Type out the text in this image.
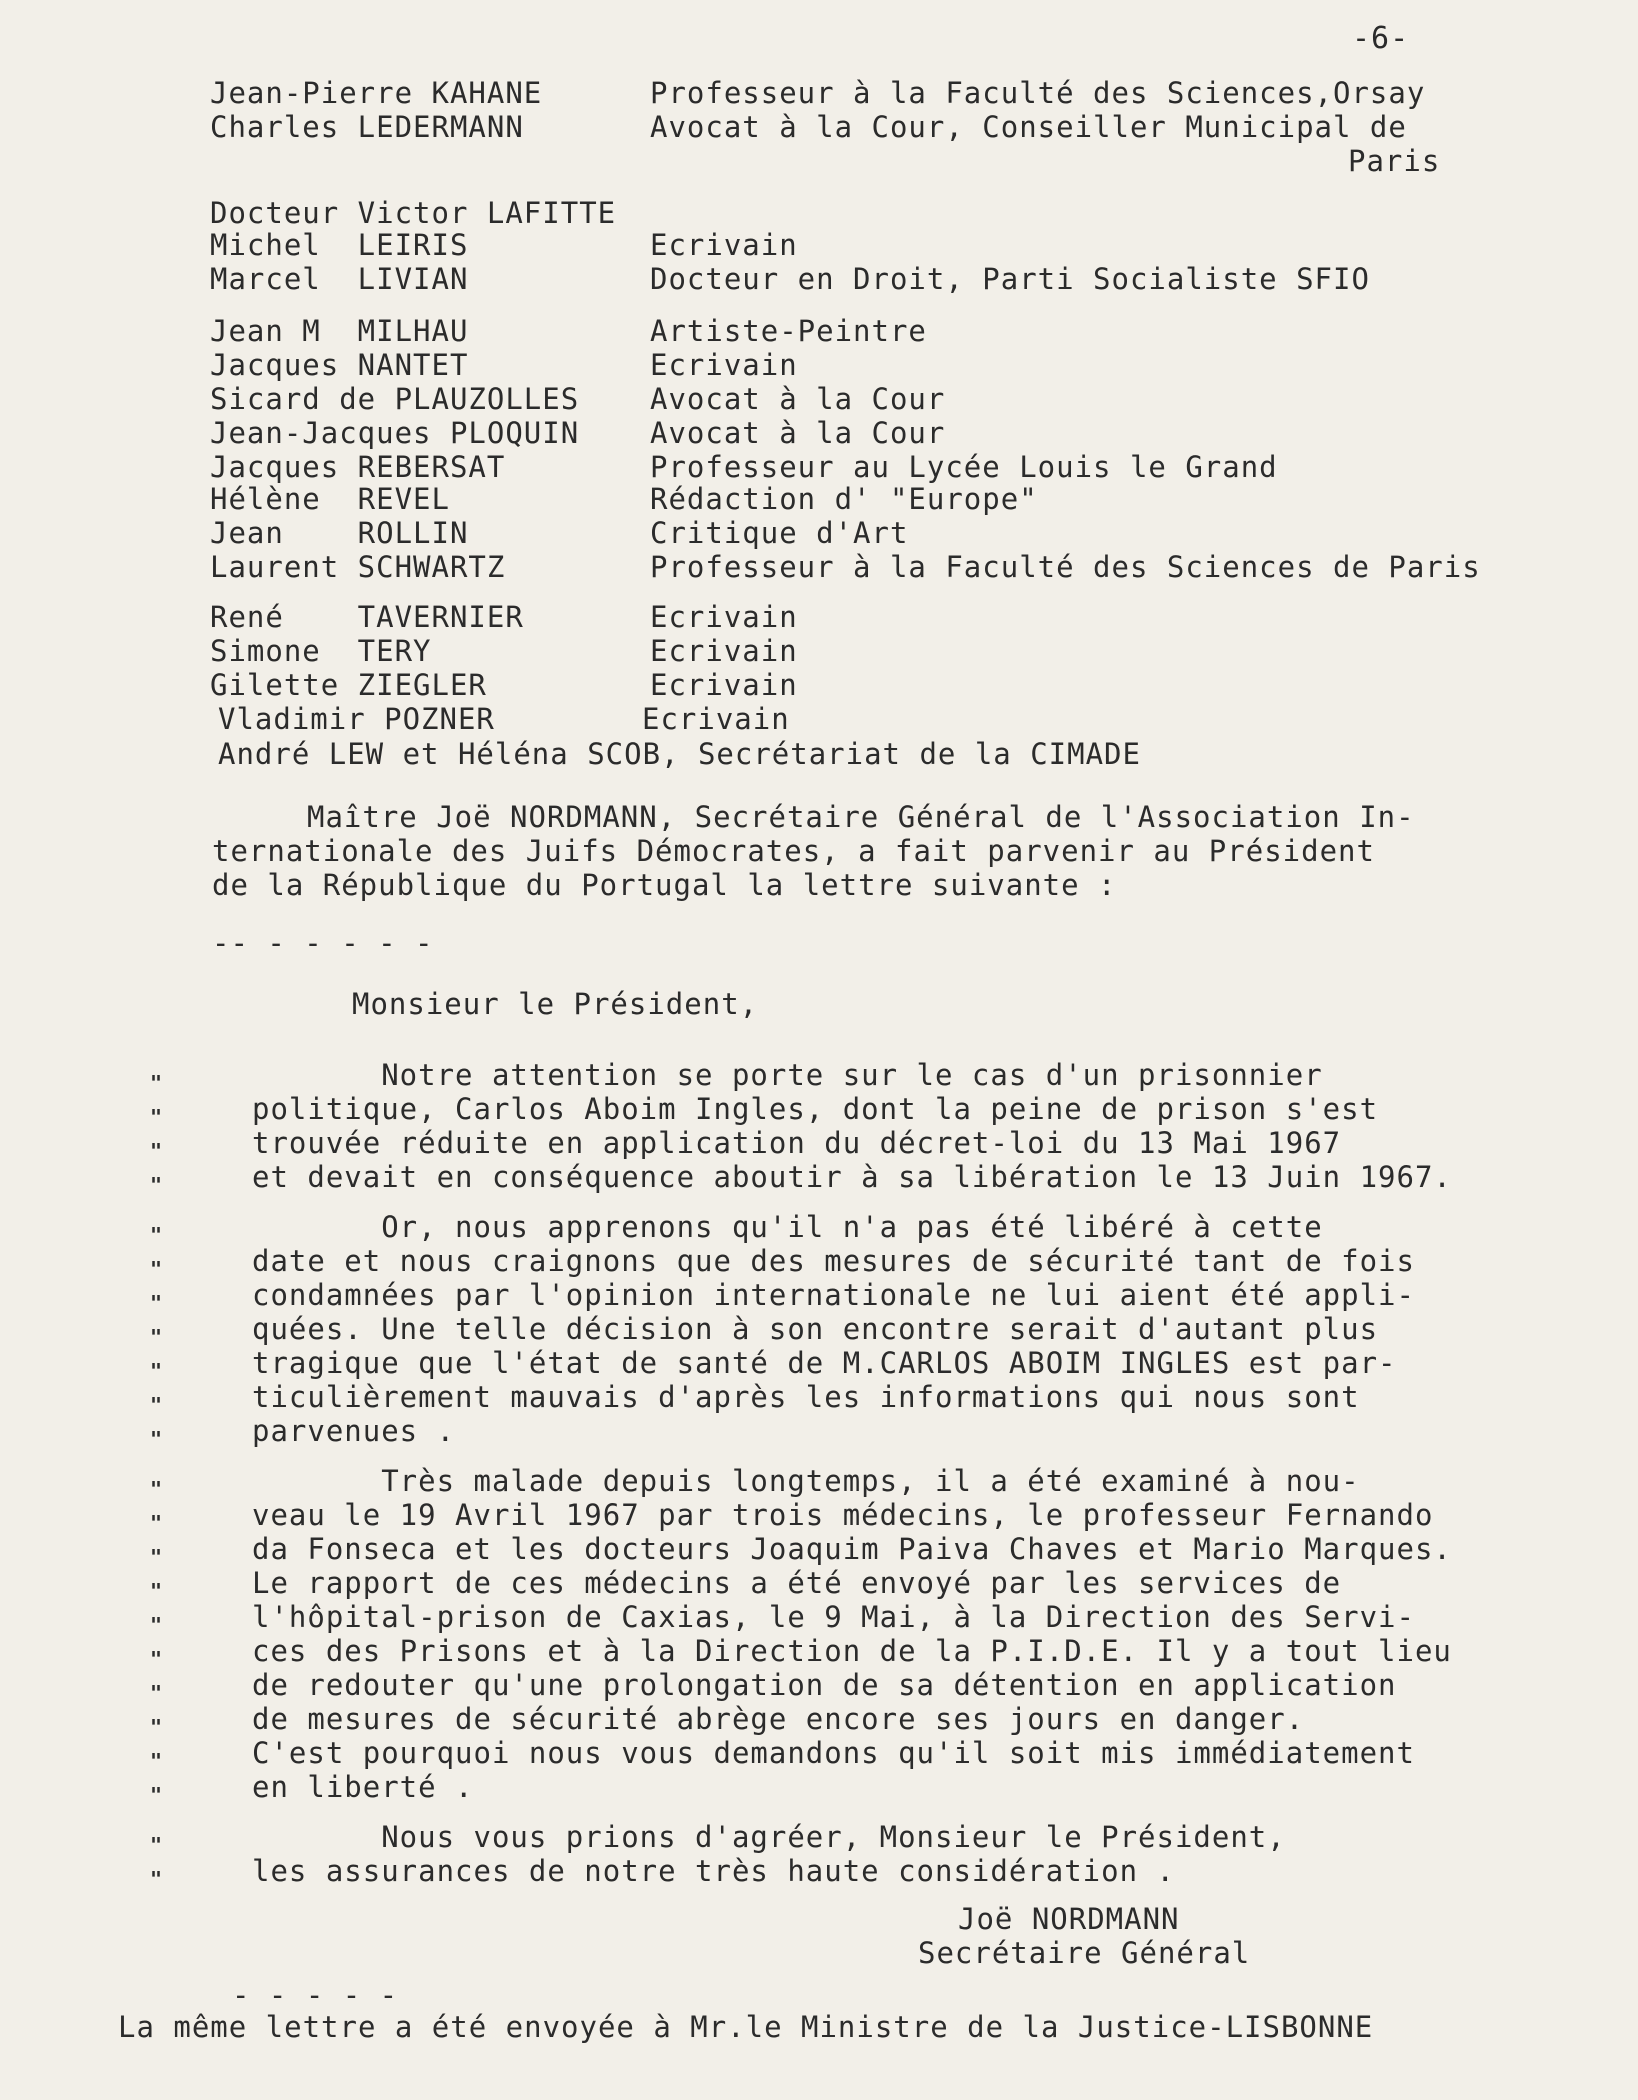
-6-
Jean-Pierre KAHANE	Professeur à la Faculté des Sciences,Orsay
Charles LEDERMANN	Avocat à la Cour, Conseiller Municipal de
Paris
Docteur Victor LAFITTE
Michel  LEIRIS	Ecrivain
Marcel  LIVIAN	Docteur en Droit, Parti Socialiste SFIO
Jean M  MILHAU	Artiste-Peintre
Jacques NANTET	Ecrivain
Sicard de PLAUZOLLES Avocat à la Cour
Jean-Jacques PLOQUIN Avocat à la Cour
Jacques REBERSAT	Professeur au Lycée Louis le Grand
Hélène  REVEL	Rédaction d' "Europe"
Jean    ROLLIN	Critique d'Art
Laurent SCHWARTZ	Professeur à la Faculté des Sciences de Paris
René    TAVERNIER	Ecrivain
Simone  TERY	Ecrivain
Gilette ZIEGLER	Ecrivain
Vladimir POZNER	Ecrivain
André LEW et Héléna SCOB, Secrétariat de la CIMADE
Maître Joë NORDMANN, Secrétaire Général de l'Association In-
ternationale des Juifs Démocrates, a fait parvenir au Président
de la République du Portugal la lettre suivante :
-- - - - - -
Monsieur le Président,
Notre attention se porte sur le cas d'un prisonnier
politique, Carlos Aboim Ingles, dont la peine de prison s'est
trouvée réduite en application du décret-loi du 13 Mai 1967
et devait en conséquence aboutir à sa libération le 13 Juin 1967.
Or, nous apprenons qu'il n'a pas été libéré à cette
date et nous craignons que des mesures de sécurité tant de fois
condamnées par l'opinion internationale ne lui aient été appli-
quées. Une telle décision à son encontre serait d'autant plus
tragique que l'état de santé de M.CARLOS ABOIM INGLES est par-
ticulièrement mauvais d'après les informations qui nous sont
parvenues .
Très malade depuis longtemps, il a été examiné à nou-
veau le 19 Avril 1967 par trois médecins, le professeur Fernando
da Fonseca et les docteurs Joaquim Paiva Chaves et Mario Marques.
Le rapport de ces médecins a été envoyé par les services de
l'hôpital-prison de Caxias, le 9 Mai, à la Direction des Servi-
ces des Prisons et à la Direction de la P.I.D.E. Il y a tout lieu
de redouter qu'une prolongation de sa détention en application
de mesures de sécurité abrège encore ses jours en danger.
C'est pourquoi nous vous demandons qu'il soit mis immédiatement
en liberté .
Nous vous prions d'agréer, Monsieur le Président,
les assurances de notre très haute considération .
"
"
"
"
"
"
"
"
"
"
"
"
"
"
"
"
"
"
"
"
"
"
"
Joë NORDMANN
Secrétaire Général
- - - - -
La même lettre a été envoyée à Mr.le Ministre de la Justice-LISBONNE
